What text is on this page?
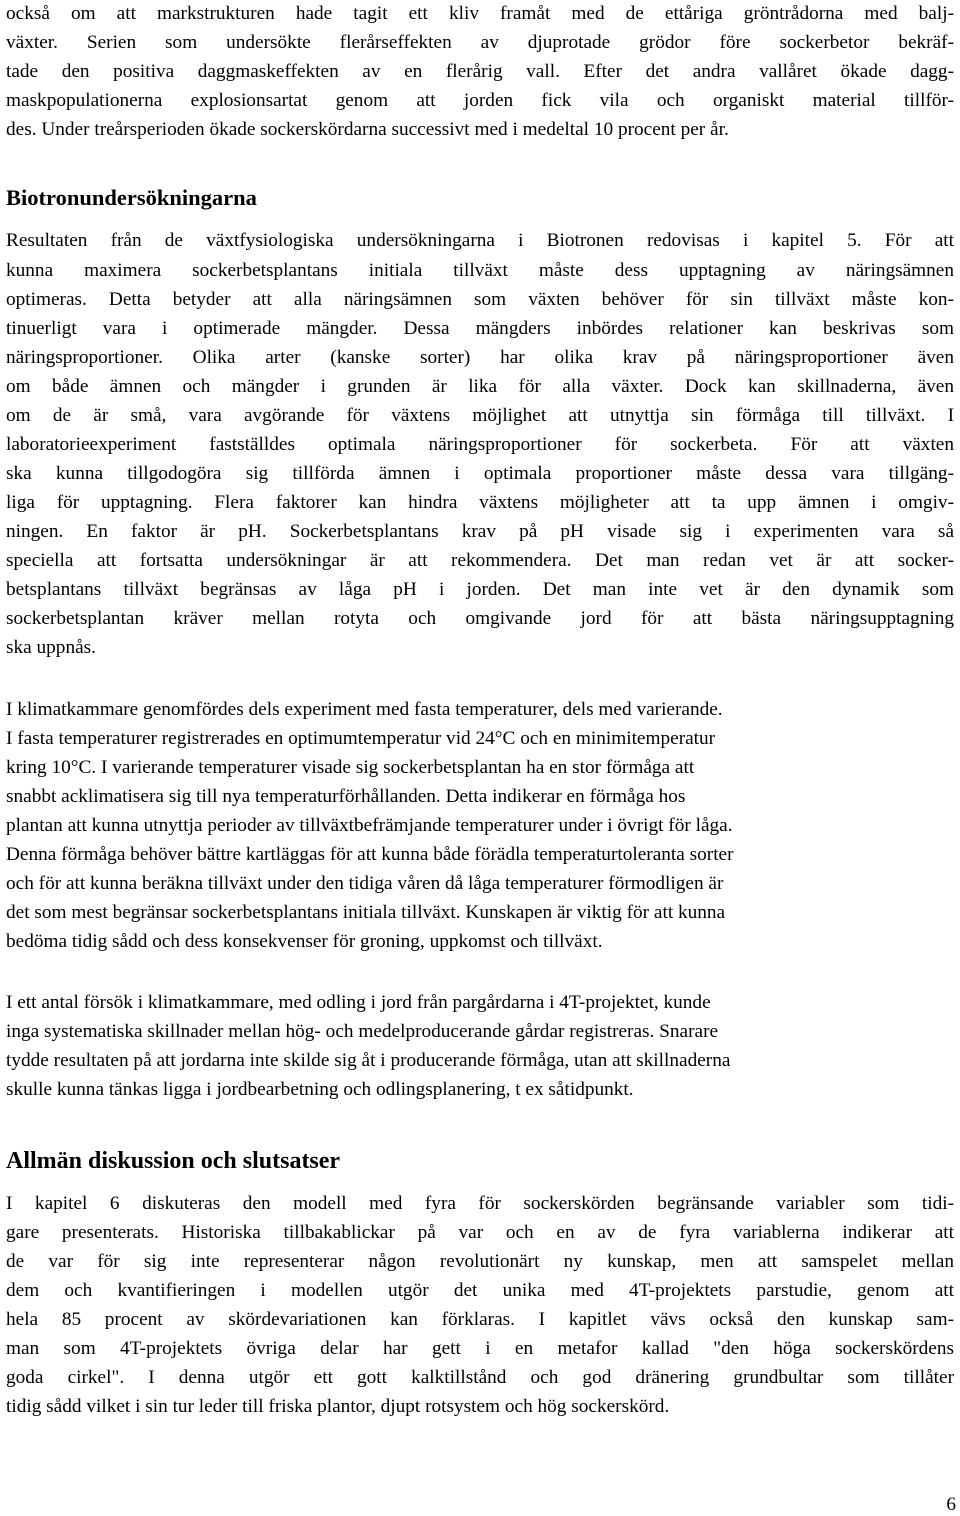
också om att markstrukturen hade tagit ett kliv framåt med de ettåriga gröntrådorna med balj-

växter. Serien som undersökte flerårseffekten av djuprotade grödor före sockerbetor bekräf-

tade den positiva daggmaskeffekten av en flerårig vall. Efter det andra vallåret ökade dagg-

maskpopulationerna explosionsartat genom att jorden fick vila och organiskt material tillför-

des. Under treårsperioden ökade sockerskördarna successivt med i medeltal 10 procent per år.

Biotronundersökningarna

Resultaten från de växtfysiologiska undersökningarna i Biotronen redovisas i kapitel 5. För att

kunna maximera sockerbetsplantans initiala tillväxt måste dess upptagning av näringsämnen

optimeras. Detta betyder att alla näringsämnen som växten behöver för sin tillväxt måste kon-

tinuerligt vara i optimerade mängder. Dessa mängders inbördes relationer kan beskrivas som

näringsproportioner. Olika arter (kanske sorter) har olika krav på näringsproportioner även

om både ämnen och mängder i grunden är lika för alla växter. Dock kan skillnaderna, även

om de är små, vara avgörande för växtens möjlighet att utnyttja sin förmåga till tillväxt. I

laboratorieexperiment fastställdes optimala näringsproportioner för sockerbeta. För att växten

ska kunna tillgodogöra sig tillförda ämnen i optimala proportioner måste dessa vara tillgäng-

liga för upptagning. Flera faktorer kan hindra växtens möjligheter att ta upp ämnen i omgiv-

ningen. En faktor är pH. Sockerbetsplantans krav på pH visade sig i experimenten vara så

speciella att fortsatta undersökningar är att rekommendera. Det man redan vet är att socker-

betsplantans tillväxt begränsas av låga pH i jorden. Det man inte vet är den dynamik som

sockerbetsplantan kräver mellan rotyta och omgivande jord för att bästa näringsupptagning

ska uppnås.

I klimatkammare genomfördes dels experiment med fasta temperaturer, dels med varierande.

I fasta temperaturer registrerades en optimumtemperatur vid 24°C och en minimitemperatur

kring 10°C. I varierande temperaturer visade sig sockerbetsplantan ha en stor förmåga att

snabbt acklimatisera sig till nya temperaturförhållanden. Detta indikerar en förmåga hos

plantan att kunna utnyttja perioder av tillväxtbefrämjande temperaturer under i övrigt för låga.

Denna förmåga behöver bättre kartläggas för att kunna både förädla temperaturtoleranta sorter

och för att kunna beräkna tillväxt under den tidiga våren då låga temperaturer förmodligen är

det som mest begränsar sockerbetsplantans initiala tillväxt. Kunskapen är viktig för att kunna

bedöma tidig sådd och dess konsekvenser för groning, uppkomst och tillväxt.

I ett antal försök i klimatkammare, med odling i jord från pargårdarna i 4T-projektet, kunde

inga systematiska skillnader mellan hög- och medelproducerande gårdar registreras. Snarare

tydde resultaten på att jordarna inte skilde sig åt i producerande förmåga, utan att skillnaderna

skulle kunna tänkas ligga i jordbearbetning och odlingsplanering, t ex såtidpunkt.

Allmän diskussion och slutsatser

I kapitel 6 diskuteras den modell med fyra för sockerskörden begränsande variabler som tidi-

gare presenterats. Historiska tillbakablickar på var och en av de fyra variablerna indikerar att

de var för sig inte representerar någon revolutionärt ny kunskap, men att samspelet mellan

dem och kvantifieringen i modellen utgör det unika med 4T-projektets parstudie, genom att

hela 85 procent av skördevariationen kan förklaras. I kapitlet vävs också den kunskap sam-

man som 4T-projektets övriga delar har gett i en metafor kallad "den höga sockerskördens

goda cirkel". I denna utgör ett gott kalktillstånd och god dränering grundbultar som tillåter

tidig sådd vilket i sin tur leder till friska plantor, djupt rotsystem och hög sockerskörd.

6
